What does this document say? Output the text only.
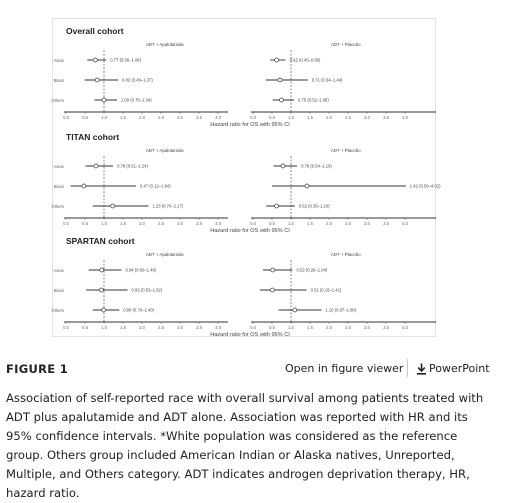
Overall cohort
Asian
Black
Others
ADT + Apalutamide
0.0	0.5	1.0	1.5	2.0	2.5	3.0	3.5	4.0
0.77 (0.56–1.06)
0.82 (0.49–1.37)
1.00 (0.75–1.34)
ADT + Placebo
0.0	0.5	1.0	1.5	2.0	2.5	3.0	3.5	4.0
0.62 (0.45–0.86)
0.71 (0.34–1.44)
0.75 (0.52–1.08)
Hazard ratio for OS with 95% CI
TITAN cohort
Asian
Black
Others
ADT + Apalutamide
0.0	0.5	1.0	1.5	2.0	2.5	3.0	3.5	4.0
0.79 (0.51–1.24)
0.47 (0.12–1.84)
1.23 (0.70–2.17)
ADT + Placebo
0.0	0.5	1.0	1.5	2.0	2.5	3.0	3.5	4.0
0.79 (0.54–1.16)
1.42 (0.50–4.02)
0.62 (0.35–1.10)
Hazard ratio for OS with 95% CI
SPARTAN cohort
Asian
Black
Others
ADT + Apalutamide
0.0	0.5	1.0	1.5	2.0	2.5	3.0	3.5	4.0
0.94 (0.60–1.46)
0.93 (0.53–1.62)
0.99 (0.70–1.40)
ADT + Placebo
0.0	0.5	1.0	1.5	2.0	2.5	3.0	3.5	4.0
0.52 (0.26–1.04)
0.51 (0.18–1.41)
1.10 (0.67–1.80)
Hazard ratio for OS with 95% CI
FIGURE 1	Open in figure viewer PowerPoint

Association of self-reported race with overall survival among patients treated with
ADT plus apalutamide and ADT alone. Association was reported with HR and its
95% confidence intervals. *White population was considered as the reference
group. Others group included American Indian or Alaska natives, Unreported,
Multiple, and Others category. ADT indicates androgen deprivation therapy, HR,
hazard ratio.
